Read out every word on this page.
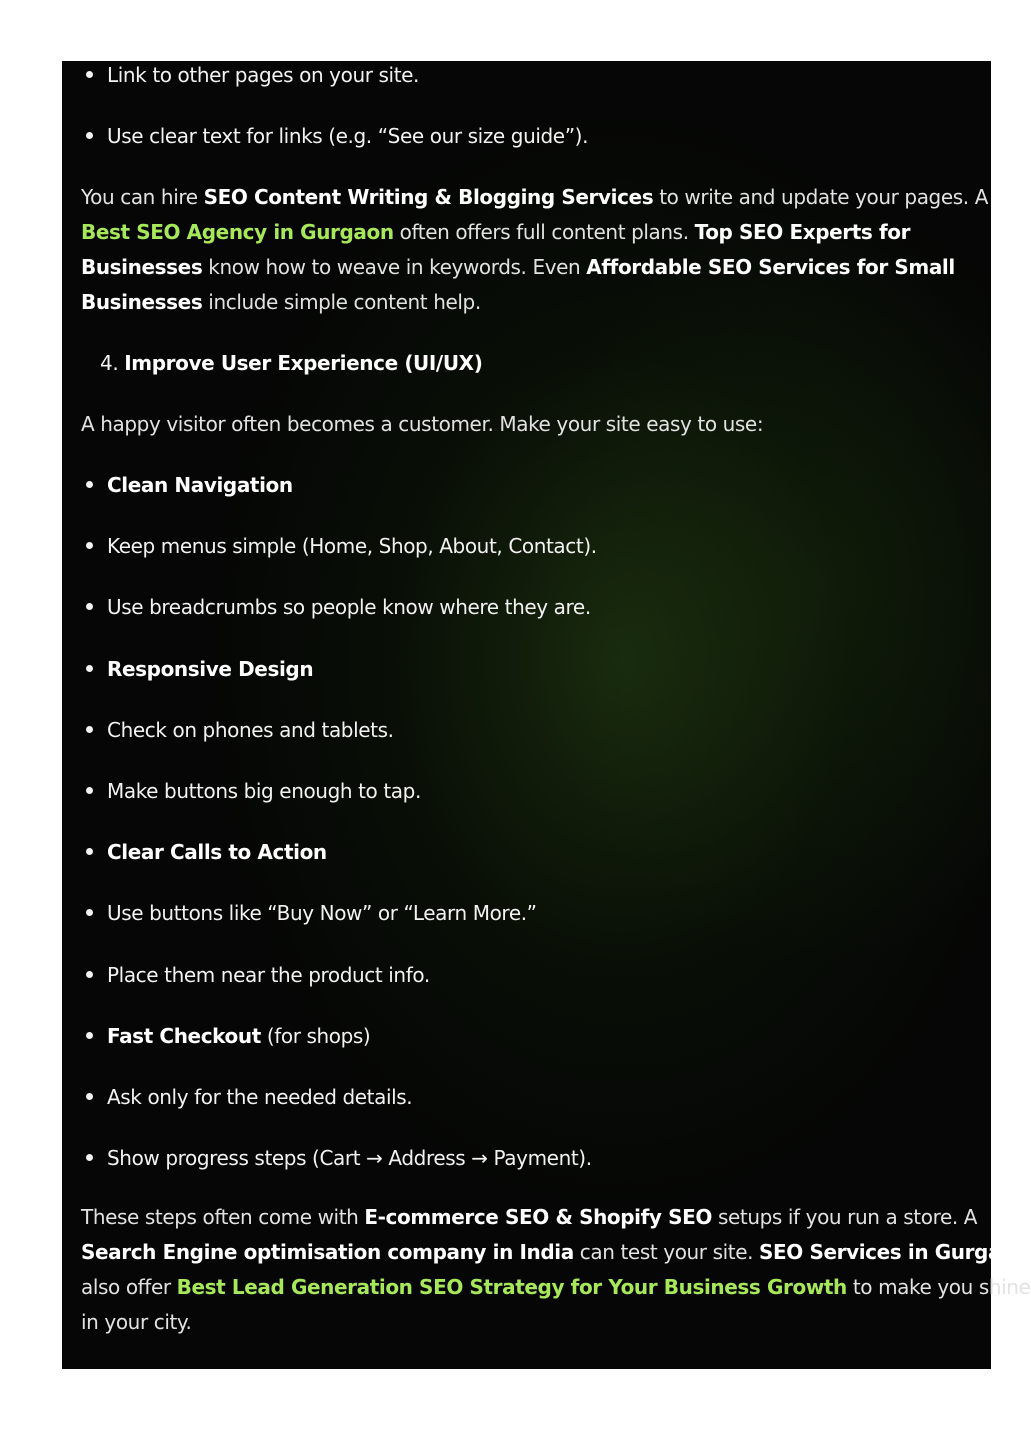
Link to other pages on your site.
Use clear text for links (e.g. “See our size guide”).
You can hire SEO Content Writing & Blogging Services to write and update your pages. A
Best SEO Agency in Gurgaon often offers full content plans. Top SEO Experts for
Businesses know how to weave in keywords. Even Affordable SEO Services for Small
Businesses include simple content help.
4. Improve User Experience (UI/UX)
A happy visitor often becomes a customer. Make your site easy to use:
Clean Navigation
Keep menus simple (Home, Shop, About, Contact).
Use breadcrumbs so people know where they are.
Responsive Design
Check on phones and tablets.
Make buttons big enough to tap.
Clear Calls to Action
Use buttons like “Buy Now” or “Learn More.”
Place them near the product info.
Fast Checkout (for shops)
Ask only for the needed details.
Show progress steps (Cart → Address → Payment).
These steps often come with E-commerce SEO & Shopify SEO setups if you run a store. A
Search Engine optimisation company in India can test your site. SEO Services in Gurgaon
also offer Best Lead Generation SEO Strategy for Your Business Growth to make you shine
in your city.
